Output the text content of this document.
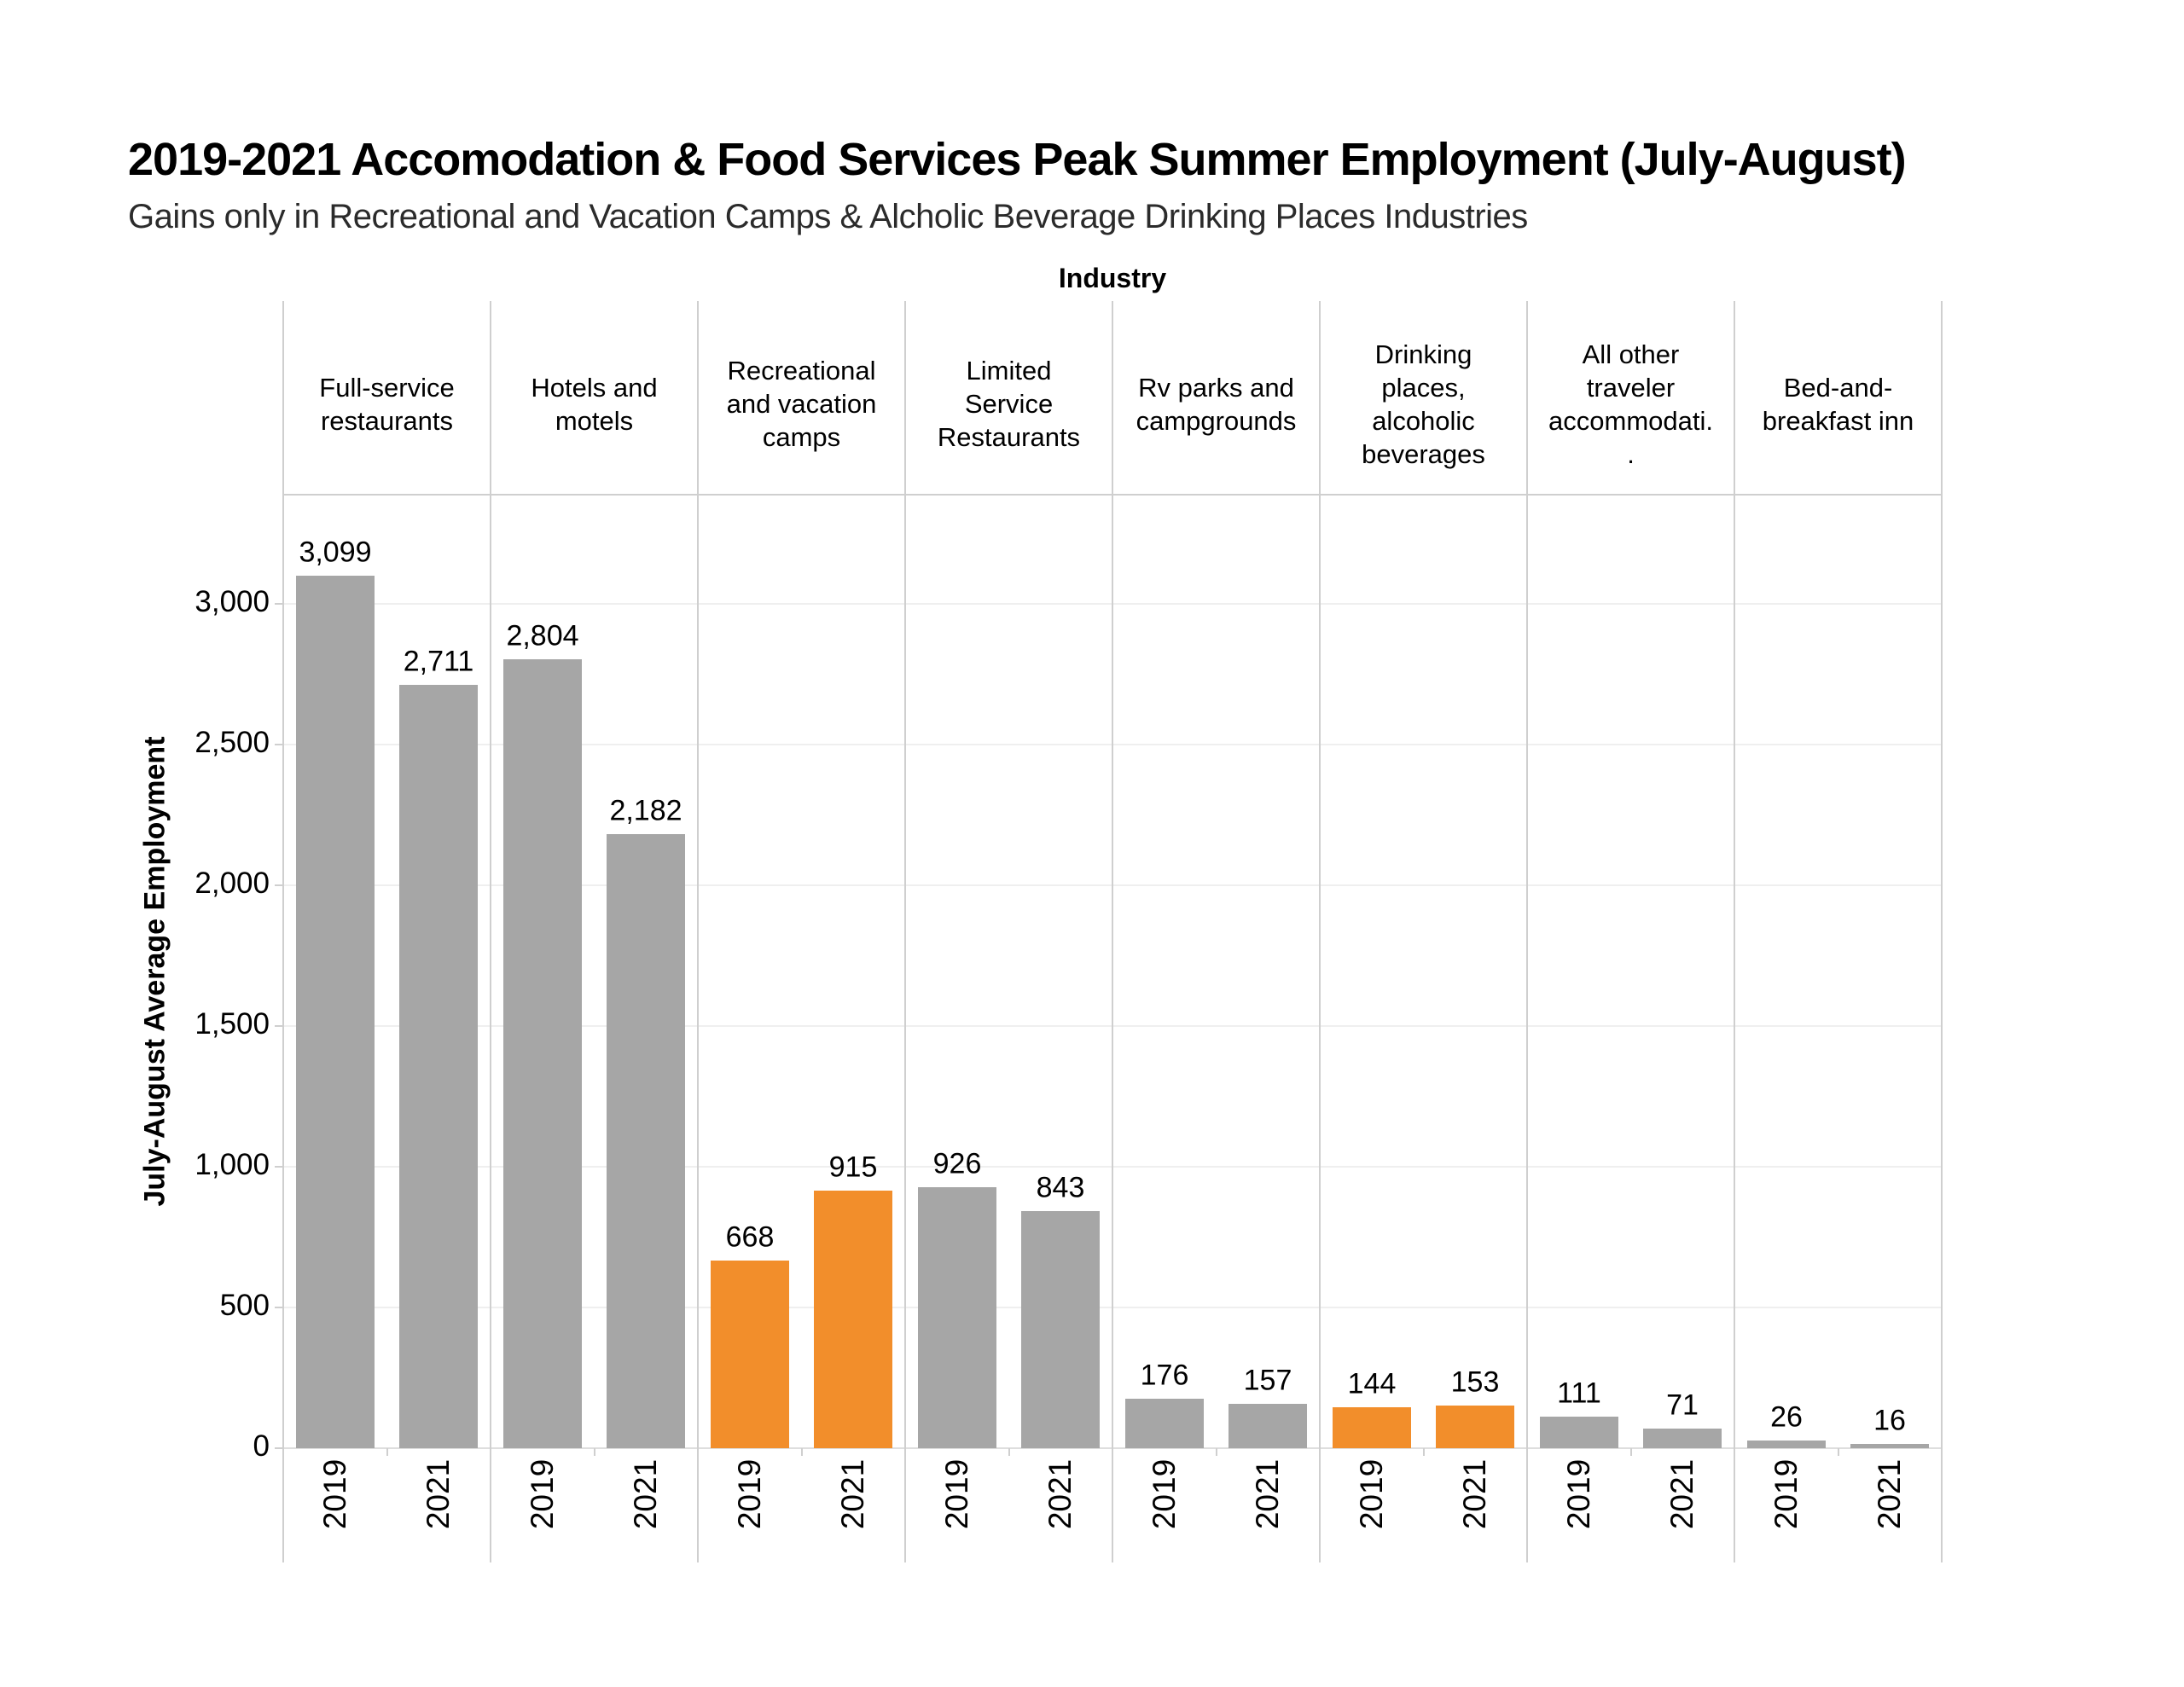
2019-2021 Accomodation & Food Services Peak Summer Employment (July-August)
Gains only in Recreational and Vacation Camps & Alcholic Beverage Drinking Places Industries
Industry
July-August Average Employment
0
500
1,000
1,500
2,000
2,500
3,000
Full-service
restaurants
Hotels and
motels
Recreational
and vacation
camps
Limited
Service
Restaurants
Rv parks and
campgrounds
Drinking
places,
alcoholic
beverages
All other
traveler
accommodati.
.
Bed-and-
breakfast inn
3,099
2019
2,711
2021
2,804
2019
2,182
2021
668
2019
915
2021
926
2019
843
2021
176
2019
157
2021
144
2019
153
2021
111
2019
71
2021
26
2019
16
2021
